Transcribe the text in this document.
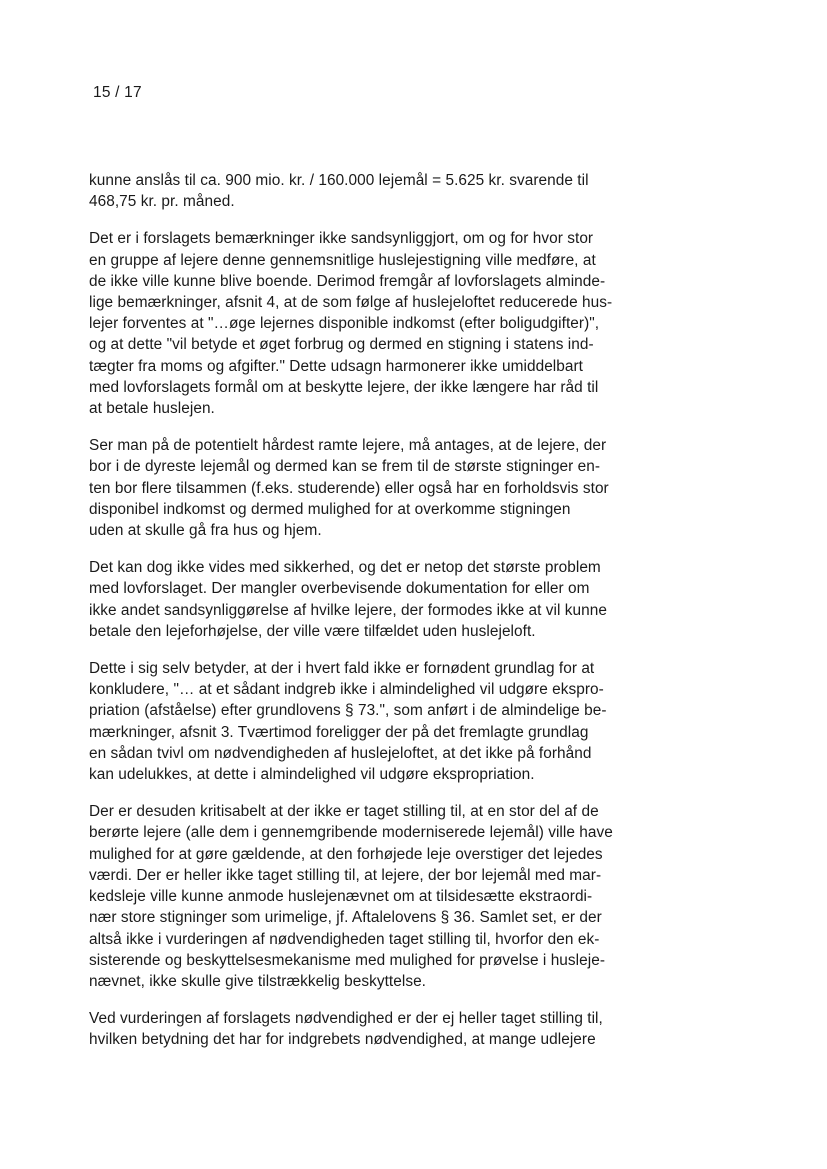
15 / 17

kunne anslås til ca. 900 mio. kr. / 160.000 lejemål = 5.625 kr. svarende til
468,75 kr. pr. måned.

Det er i forslagets bemærkninger ikke sandsynliggjort, om og for hvor stor
en gruppe af lejere denne gennemsnitlige huslejestigning ville medføre, at
de ikke ville kunne blive boende. Derimod fremgår af lovforslagets alminde-
lige bemærkninger, afsnit 4, at de som følge af huslejeloftet reducerede hus-
lejer forventes at "…øge lejernes disponible indkomst (efter boligudgifter)",
og at dette "vil betyde et øget forbrug og dermed en stigning i statens ind-
tægter fra moms og afgifter." Dette udsagn harmonerer ikke umiddelbart
med lovforslagets formål om at beskytte lejere, der ikke længere har råd til
at betale huslejen.

Ser man på de potentielt hårdest ramte lejere, må antages, at de lejere, der
bor i de dyreste lejemål og dermed kan se frem til de største stigninger en-
ten bor flere tilsammen (f.eks. studerende) eller også har en forholdsvis stor
disponibel indkomst og dermed mulighed for at overkomme stigningen
uden at skulle gå fra hus og hjem.

Det kan dog ikke vides med sikkerhed, og det er netop det største problem
med lovforslaget. Der mangler overbevisende dokumentation for eller om
ikke andet sandsynliggørelse af hvilke lejere, der formodes ikke at vil kunne
betale den lejeforhøjelse, der ville være tilfældet uden huslejeloft.

Dette i sig selv betyder, at der i hvert fald ikke er fornødent grundlag for at
konkludere, "… at et sådant indgreb ikke i almindelighed vil udgøre ekspro-
priation (afståelse) efter grundlovens § 73.", som anført i de almindelige be-
mærkninger, afsnit 3. Tværtimod foreligger der på det fremlagte grundlag
en sådan tvivl om nødvendigheden af huslejeloftet, at det ikke på forhånd
kan udelukkes, at dette i almindelighed vil udgøre ekspropriation.

Der er desuden kritisabelt at der ikke er taget stilling til, at en stor del af de
berørte lejere (alle dem i gennemgribende moderniserede lejemål) ville have
mulighed for at gøre gældende, at den forhøjede leje overstiger det lejedes
værdi. Der er heller ikke taget stilling til, at lejere, der bor lejemål med mar-
kedsleje ville kunne anmode huslejenævnet om at tilsidesætte ekstraordi-
nær store stigninger som urimelige, jf. Aftalelovens § 36. Samlet set, er der
altså ikke i vurderingen af nødvendigheden taget stilling til, hvorfor den ek-
sisterende og beskyttelsesmekanisme med mulighed for prøvelse i husleje-
nævnet, ikke skulle give tilstrækkelig beskyttelse.

Ved vurderingen af forslagets nødvendighed er der ej heller taget stilling til,
hvilken betydning det har for indgrebets nødvendighed, at mange udlejere
